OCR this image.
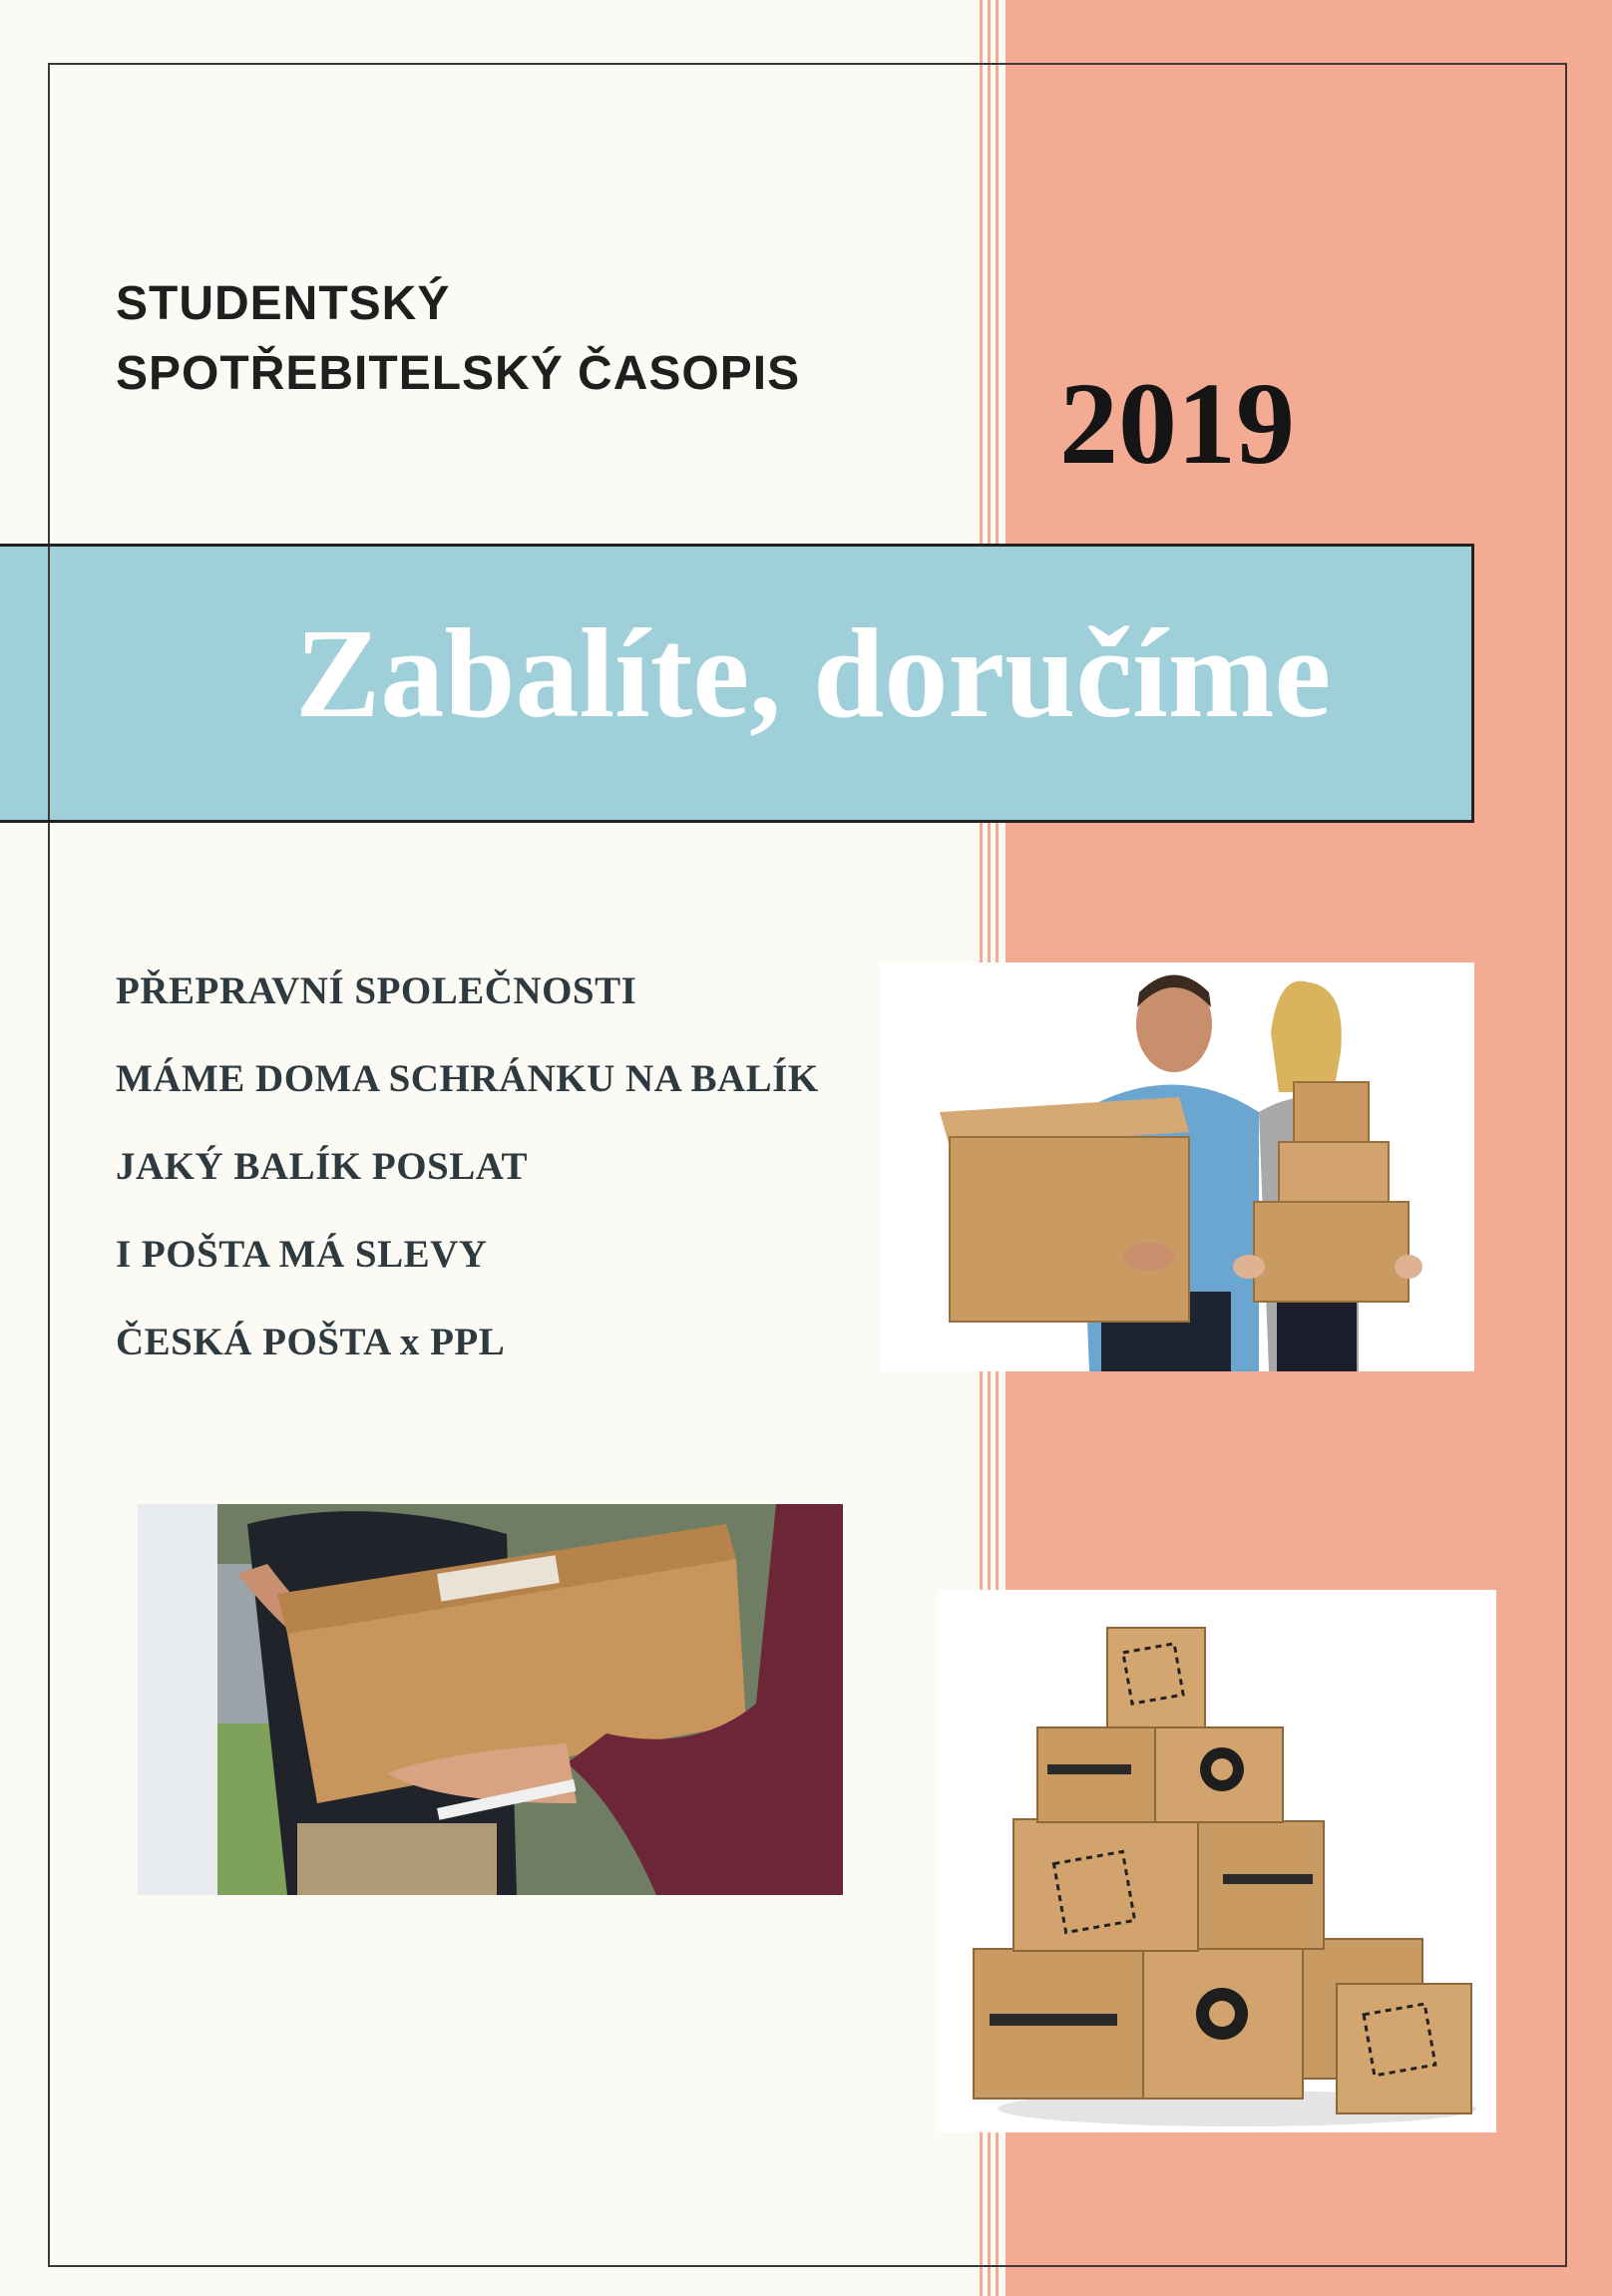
STUDENTSKÝ
SPOTŘEBITELSKÝ ČASOPIS 2019
Zabalíte, doručíme
PŘEPRAVNÍ SPOLEČNOSTI
MÁME DOMA SCHRÁNKU NA BALÍK
JAKÝ BALÍK POSLAT
I POŠTA MÁ SLEVY
ČESKÁ POŠTA x PPL
